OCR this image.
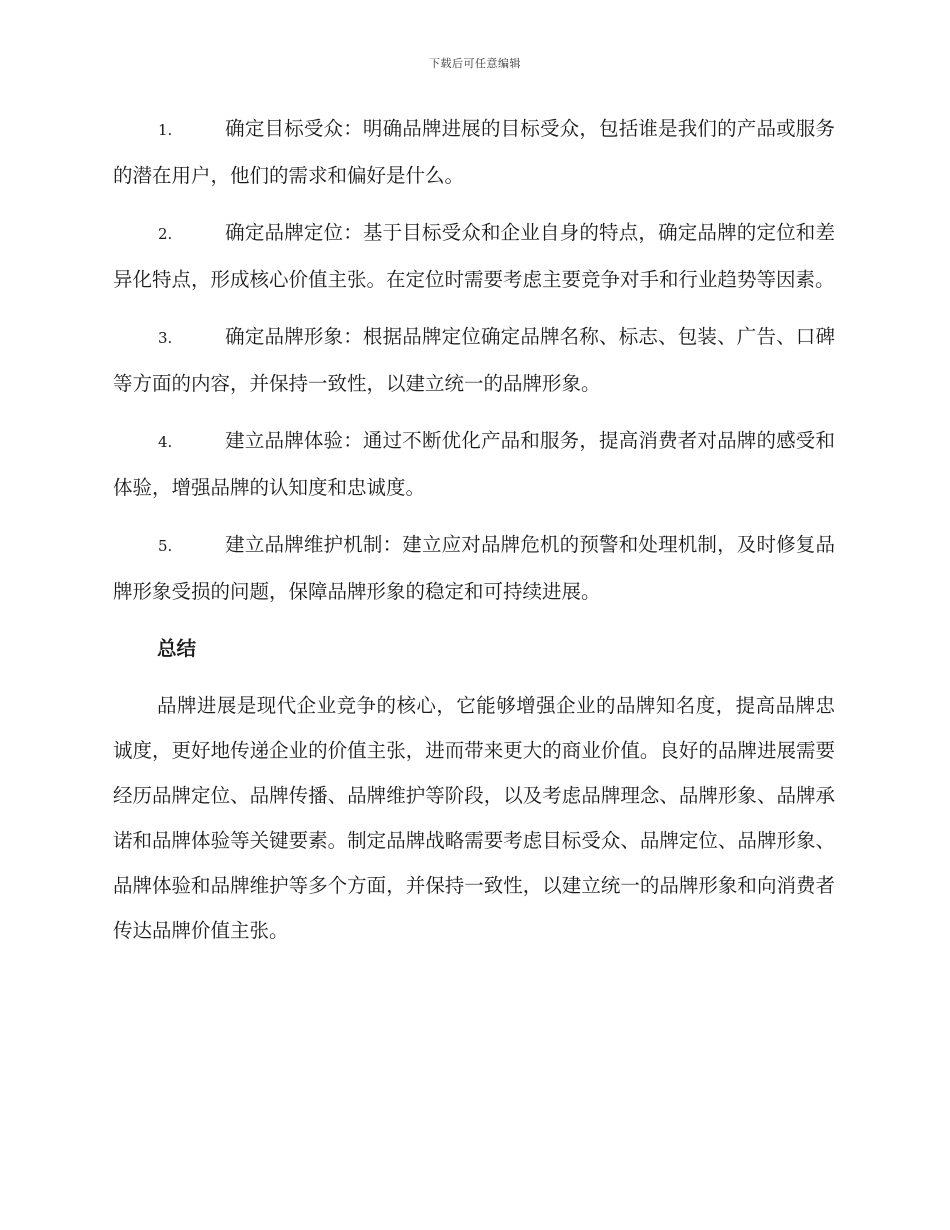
下载后可任意编辑

1.	确定目标受众：明确品牌进展的目标受众，包括谁是我们的产品或服务的潜在用户，他们的需求和偏好是什么。

2.	确定品牌定位：基于目标受众和企业自身的特点，确定品牌的定位和差异化特点，形成核心价值主张。在定位时需要考虑主要竞争对手和行业趋势等因素。

3.	确定品牌形象：根据品牌定位确定品牌名称、标志、包装、广告、口碑等方面的内容，并保持一致性，以建立统一的品牌形象。

4.	建立品牌体验：通过不断优化产品和服务，提高消费者对品牌的感受和体验，增强品牌的认知度和忠诚度。

5.	建立品牌维护机制：建立应对品牌危机的预警和处理机制，及时修复品牌形象受损的问题，保障品牌形象的稳定和可持续进展。

总结

品牌进展是现代企业竞争的核心，它能够增强企业的品牌知名度，提高品牌忠诚度，更好地传递企业的价值主张，进而带来更大的商业价值。良好的品牌进展需要经历品牌定位、品牌传播、品牌维护等阶段，以及考虑品牌理念、品牌形象、品牌承诺和品牌体验等关键要素。制定品牌战略需要考虑目标受众、品牌定位、品牌形象、品牌体验和品牌维护等多个方面，并保持一致性，以建立统一的品牌形象和向消费者传达品牌价值主张。
